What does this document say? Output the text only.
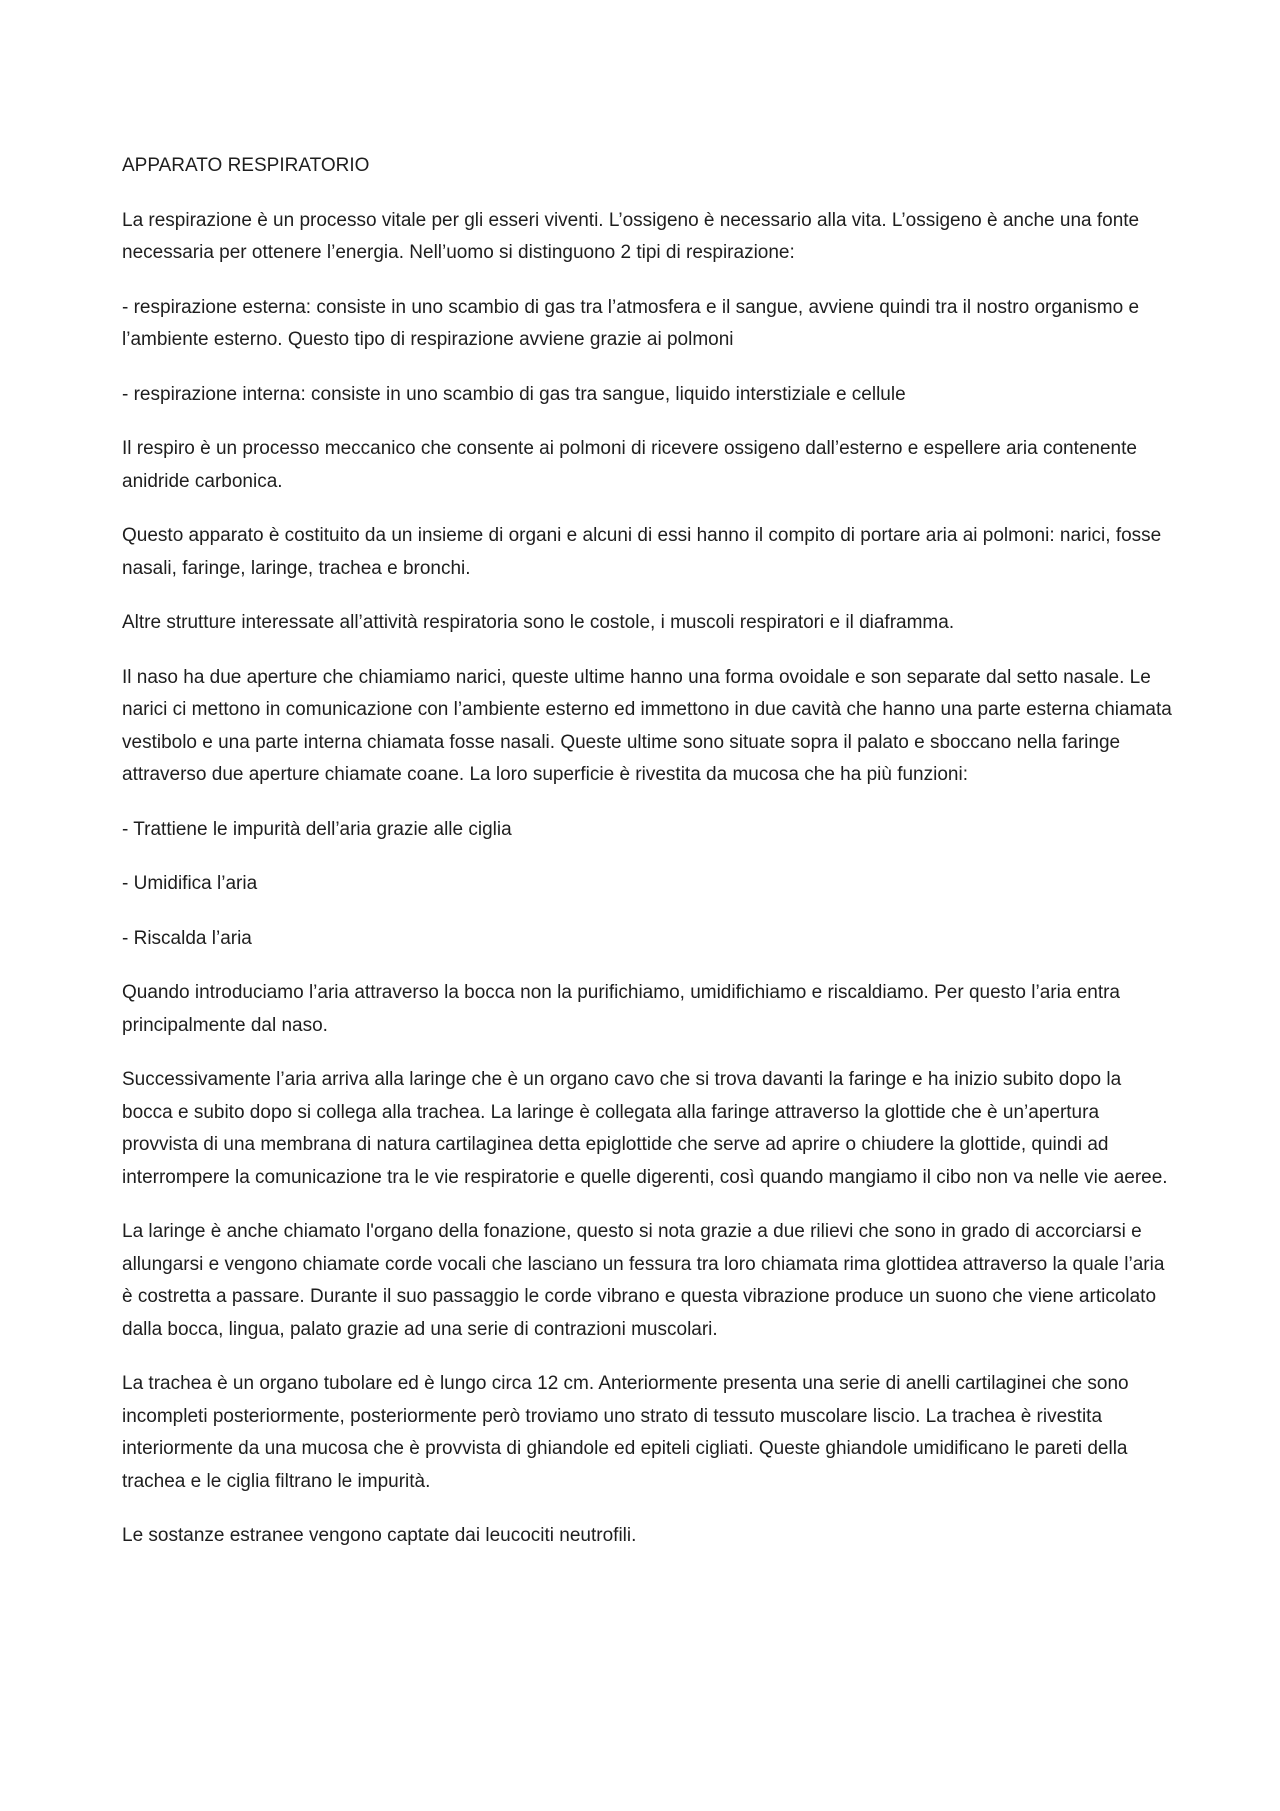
APPARATO RESPIRATORIO

La respirazione è un processo vitale per gli esseri viventi. L’ossigeno è necessario alla vita. L’ossigeno è anche una fonte necessaria per ottenere l’energia. Nell’uomo si distinguono 2 tipi di respirazione:

- respirazione esterna: consiste in uno scambio di gas tra l’atmosfera e il sangue, avviene quindi tra il nostro organismo e l’ambiente esterno. Questo tipo di respirazione avviene grazie ai polmoni

- respirazione interna: consiste in uno scambio di gas tra sangue, liquido interstiziale e cellule

Il respiro è un processo meccanico che consente ai polmoni di ricevere ossigeno dall’esterno e espellere aria contenente anidride carbonica.

Questo apparato è costituito da un insieme di organi e alcuni di essi hanno il compito di portare aria ai polmoni: narici, fosse nasali, faringe, laringe, trachea e bronchi.

Altre strutture interessate all’attività respiratoria sono le costole, i muscoli respiratori e il diaframma.

Il naso ha due aperture che chiamiamo narici, queste ultime hanno una forma ovoidale e son separate dal setto nasale. Le narici ci mettono in comunicazione con l’ambiente esterno ed immettono in due cavità che hanno una parte esterna chiamata vestibolo e una parte interna chiamata fosse nasali. Queste ultime sono situate sopra il palato e sboccano nella faringe attraverso due aperture chiamate coane. La loro superficie è rivestita da mucosa che ha più funzioni:

- Trattiene le impurità dell’aria grazie alle ciglia

- Umidifica l’aria

- Riscalda l’aria

Quando introduciamo l’aria attraverso la bocca non la purifichiamo, umidifichiamo e riscaldiamo. Per questo l’aria entra principalmente dal naso.

Successivamente l’aria arriva alla laringe che è un organo cavo che si trova davanti la faringe e ha inizio subito dopo la bocca e subito dopo si collega alla trachea. La laringe è collegata alla faringe attraverso la glottide che è un’apertura provvista di una membrana di natura cartilaginea detta epiglottide che serve ad aprire o chiudere la glottide, quindi ad interrompere la comunicazione tra le vie respiratorie e quelle digerenti, così quando mangiamo il cibo non va nelle vie aeree.

La laringe è anche chiamato l'organo della fonazione, questo si nota grazie a due rilievi che sono in grado di accorciarsi e allungarsi e vengono chiamate corde vocali che lasciano un fessura tra loro chiamata rima glottidea attraverso la quale l’aria è costretta a passare. Durante il suo passaggio le corde vibrano e questa vibrazione produce un suono che viene articolato dalla bocca, lingua, palato grazie ad una serie di contrazioni muscolari.

La trachea è un organo tubolare ed è lungo circa 12 cm. Anteriormente presenta una serie di anelli cartilaginei che sono incompleti posteriormente, posteriormente però troviamo uno strato di tessuto muscolare liscio. La trachea è rivestita interiormente da una mucosa che è provvista di ghiandole ed epiteli cigliati. Queste ghiandole umidificano le pareti della trachea e le ciglia filtrano le impurità.

Le sostanze estranee vengono captate dai leucociti neutrofili.
